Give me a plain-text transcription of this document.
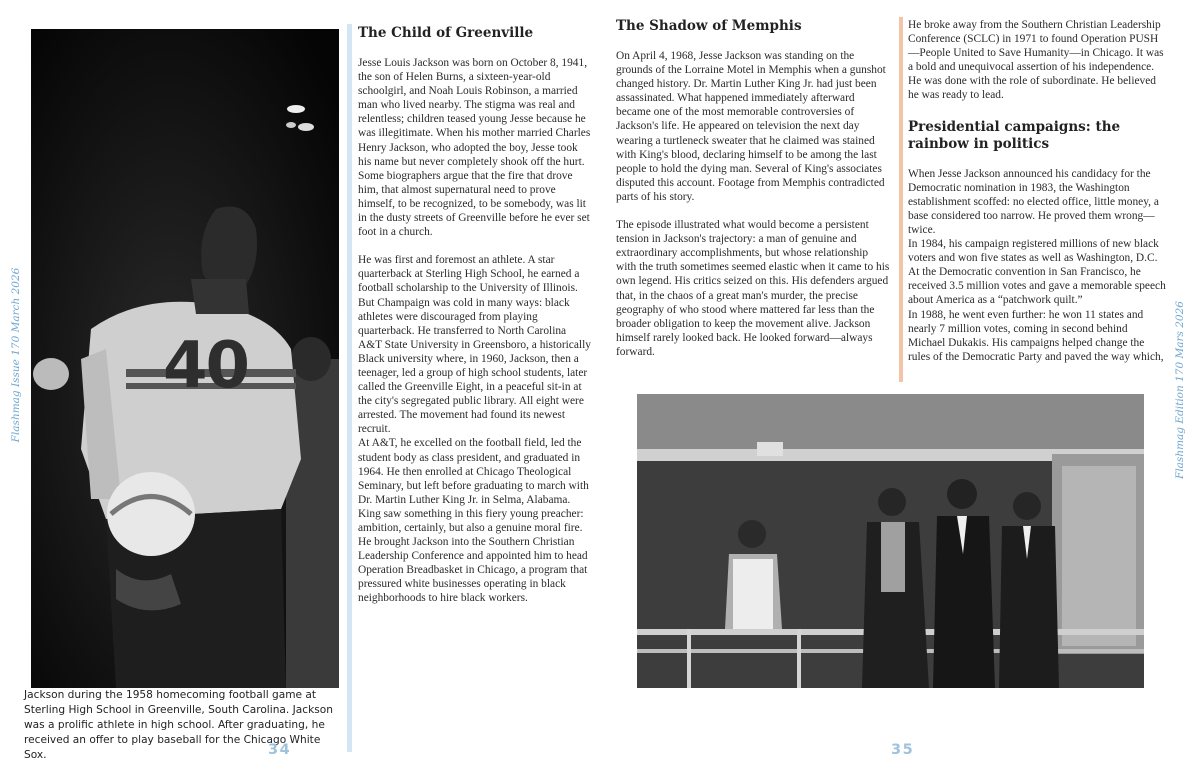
Flashmag Issue 170 March 2026 40
Jackson during the 1958 homecoming football game at Sterling High School in Greenville, South Carolina. Jackson was a prolific athlete in high school. After graduating, he received an offer to play baseball for the Chicago White Sox.	34
The Child of Greenville

Jesse Louis Jackson was born on October 8, 1941, the son of Helen Burns, a sixteen-year-old schoolgirl, and Noah Louis Robinson, a married man who lived nearby. The stigma was real and relentless; children teased young Jesse because he was illegitimate. When his mother married Charles Henry Jackson, who adopted the boy, Jesse took his name but never completely shook off the hurt. Some biographers argue that the fire that drove him, that almost supernatural need to prove himself, to be recognized, to be somebody, was lit in the dusty streets of Greenville before he ever set foot in a church.

He was first and foremost an athlete. A star quarterback at Sterling High School, he earned a football scholarship to the University of Illinois. But Champaign was cold in many ways: black athletes were discouraged from playing quarterback. He transferred to North Carolina A&T State University in Greensboro, a historically Black university where, in 1960, Jackson, then a teenager, led a group of high school students, later called the Greenville Eight, in a peaceful sit-in at the city's segregated public library. All eight were arrested. The movement had found its newest recruit.

At A&T, he excelled on the football field, led the student body as class president, and graduated in 1964. He then enrolled at Chicago Theological Seminary, but left before graduating to march with Dr. Martin Luther King Jr. in Selma, Alabama. King saw something in this fiery young preacher: ambition, certainly, but also a genuine moral fire. He brought Jackson into the Southern Christian Leadership Conference and appointed him to head Operation Breadbasket in Chicago, a program that pressured white businesses operating in black neighborhoods to hire black workers.

The Shadow of Memphis

On April 4, 1968, Jesse Jackson was standing on the grounds of the Lorraine Motel in Memphis when a gunshot changed history. Dr. Martin Luther King Jr. had just been assassinated. What happened immediately afterward became one of the most memorable controversies of Jackson's life. He appeared on television the next day wearing a turtleneck sweater that he claimed was stained with King's blood, declaring himself to be among the last people to hold the dying man. Several of King's associates disputed this account. Footage from Memphis contradicted parts of his story.

The episode illustrated what would become a persistent tension in Jackson's trajectory: a man of genuine and extraordinary accomplishments, but whose relationship with the truth sometimes seemed elastic when it came to his own legend. His critics seized on this. His defenders argued that, in the chaos of a great man's murder, the precise geography of who stood where mattered far less than the broader obligation to keep the movement alive. Jackson himself rarely looked back. He looked forward—always forward.

He broke away from the Southern Christian Leadership Conference (SCLC) in 1971 to found Operation PUSH—People United to Save Humanity—in Chicago. It was a bold and unequivocal assertion of his independence. He was done with the role of subordinate. He believed he was ready to lead.

Presidential campaigns: the rainbow in politics

When Jesse Jackson announced his candidacy for the Democratic nomination in 1983, the Washington establishment scoffed: no elected office, little money, a base considered too narrow. He proved them wrong—twice.

In 1984, his campaign registered millions of new black voters and won five states as well as Washington, D.C. At the Democratic convention in San Francisco, he received 3.5 million votes and gave a memorable speech about America as a “patchwork quilt.”

In 1988, he went even further: he won 11 states and nearly 7 million votes, coming in second behind Michael Dukakis. His campaigns helped change the rules of the Democratic Party and paved the way which, Flashmag Edition 170 Mars 2026
35
